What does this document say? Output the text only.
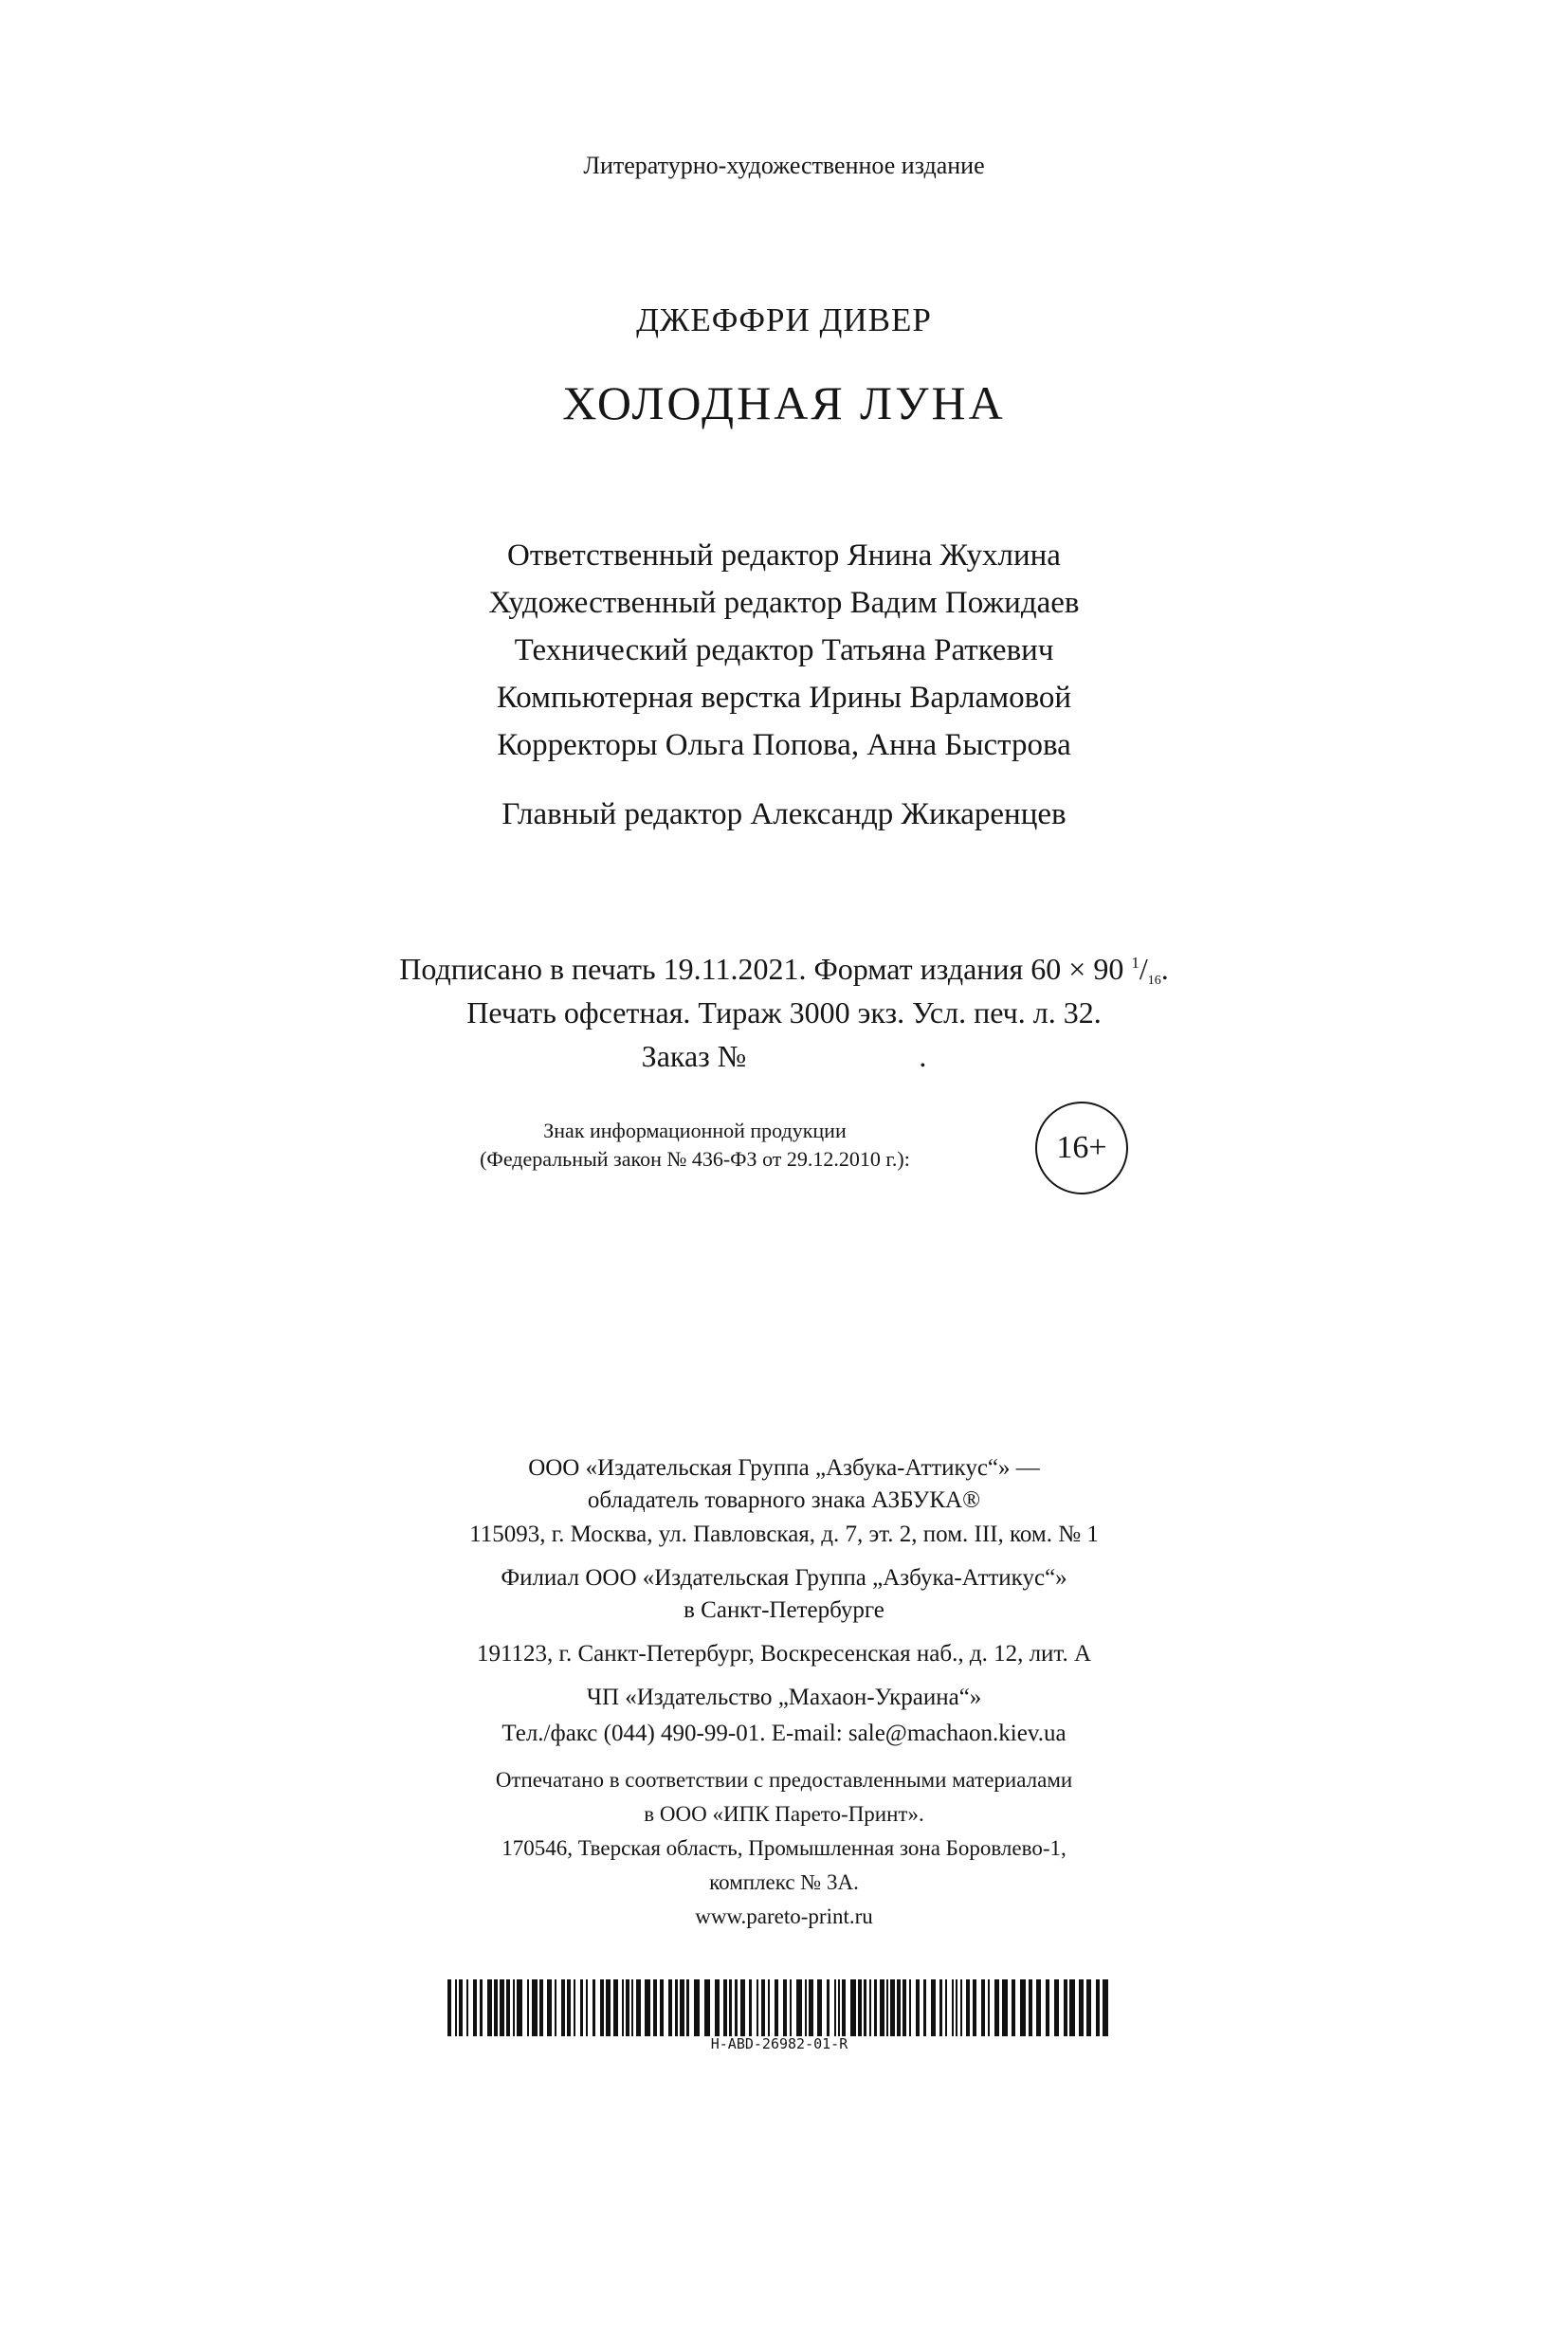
Литературно-художественное издание
ДЖЕФФРИ ДИВЕР
ХОЛОДНАЯ ЛУНА
Ответственный редактор Янина Жухлина
Художественный редактор Вадим Пожидаев
Технический редактор Татьяна Раткевич
Компьютерная верстка Ирины Варламовой
Корректоры Ольга Попова, Анна Быстрова
Главный редактор Александр Жикаренцев
Подписано в печать 19.11.2021. Формат издания 60 × 90 $^1$/16.
Печать офсетная. Тираж 3000 экз. Усл. печ. л. 32.
Заказ №	.
Знак информационной продукции
(Федеральный закон № 436-ФЗ от 29.12.2010 г.):	16+
ООО «Издательская Группа „Азбука-Аттикус“» —
обладатель товарного знака АЗБУКА®
115093, г. Москва, ул. Павловская, д. 7, эт. 2, пом. III, ком. № 1
Филиал ООО «Издательская Группа „Азбука-Аттикус“»
в Санкт-Петербурге
191123, г. Санкт-Петербург, Воскресенская наб., д. 12, лит. А
ЧП «Издательство „Махаон-Украина“»
Тел./факс (044) 490-99-01. E-mail: sale@machaon.kiev.ua
Отпечатано в соответствии с предоставленными материалами
в ООО «ИПК Парето-Принт».
170546, Тверская область, Промышленная зона Боровлево-1,
комплекс № 3А.
www.pareto-print.ru
H-ABD-26982-01-R
